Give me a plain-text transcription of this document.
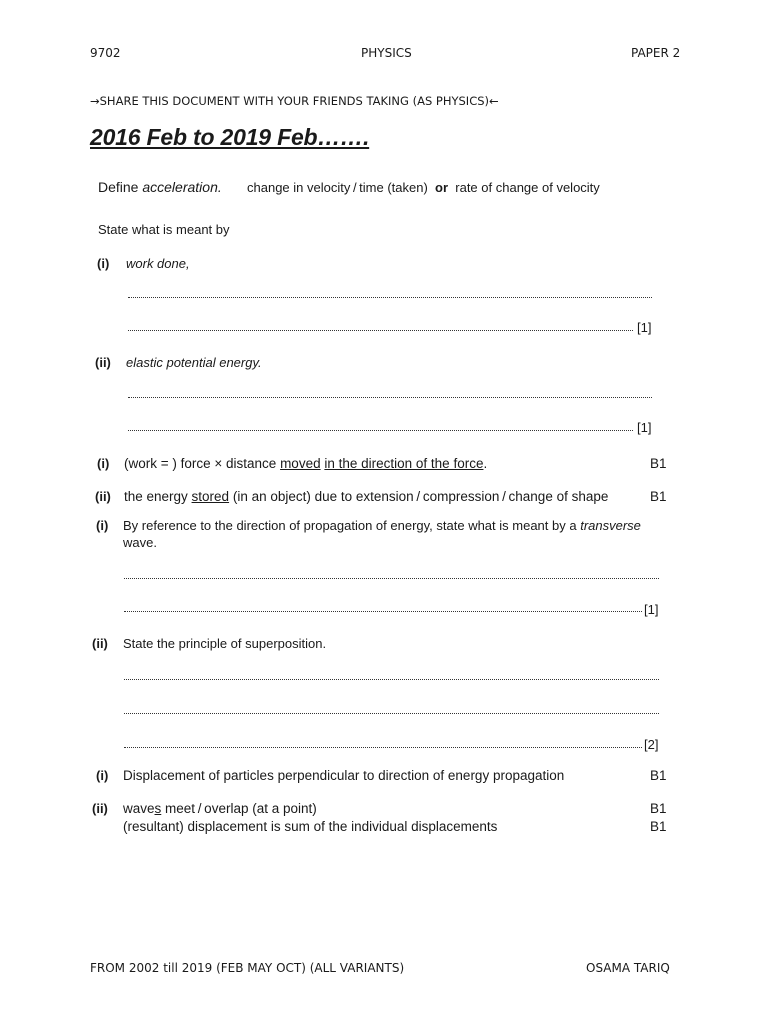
9702	PHYSICS	PAPER 2
→SHARE THIS DOCUMENT WITH YOUR FRIENDS TAKING (AS PHYSICS)←
2016 Feb to 2019 Feb…….
Define acceleration. change in velocity / time (taken) or rate of change of velocity
State what is meant by
(i) work done,
[1]
(ii) elastic potential energy.
[1]
(i) (work = ) force × distance moved in the direction of the force.	B1
(ii) the energy stored (in an object) due to extension / compression / change of shape	B1
(i) By reference to the direction of propagation of energy, state what is meant by a transverse
wave.
[1]
(ii) State the principle of superposition.
[2]
(i) Displacement of particles perpendicular to direction of energy propagation	B1
(ii) waves meet / overlap (at a point)	B1
(resultant) displacement is sum of the individual displacements	B1
FROM 2002 till 2019 (FEB MAY OCT) (ALL VARIANTS)	OSAMA TARIQ
